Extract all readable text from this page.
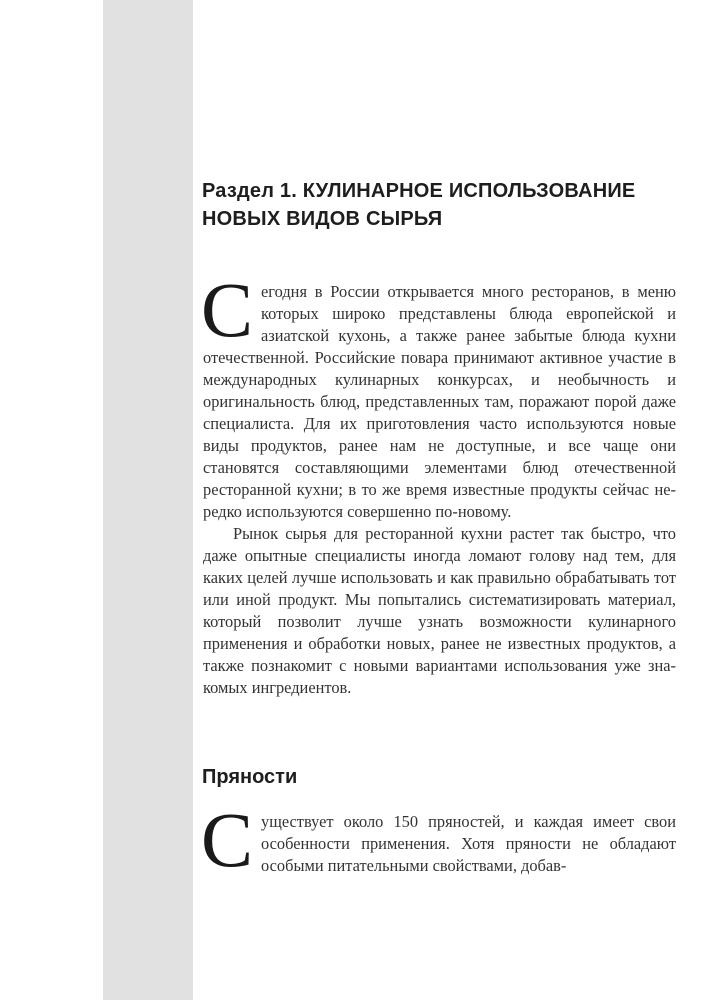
Раздел 1. КУЛИНАРНОЕ ИСПОЛЬЗОВАНИЕ
НОВЫХ ВИДОВ СЫРЬЯ

Сегодня в России открывается много ресторанов, в меню которых широко представлены блюда европейской и азиатской кухонь, а также ранее забытые блюда кухни отечественной. Российские повара принимают активное участие в международных кулинарных конкурсах, и необычность и оригинальность блюд, представленных там, поражают порой даже специалиста. Для их приготовления часто используются новые виды продуктов, ранее нам не доступные, и все чаще они становятся составляющими элементами блюд отечественной ресторанной кухни; в то же время известные продукты сейчас нередко используются совершенно по-новому.

Рынок сырья для ресторанной кухни растет так быстро, что даже опытные специалисты иногда ломают голову над тем, для каких целей лучше использовать и как правильно обрабатывать тот или иной продукт. Мы попытались систематизировать материал, который позволит лучше узнать возможности кулинарного применения и обработки новых, ранее не известных продуктов, а также познакомит с новыми вариантами использования уже знакомых ингредиентов.

Пряности

Существует около 150 пряностей, и каждая имеет свои особенности применения. Хотя пряности не обладают особыми питательными свойствами, добав-
